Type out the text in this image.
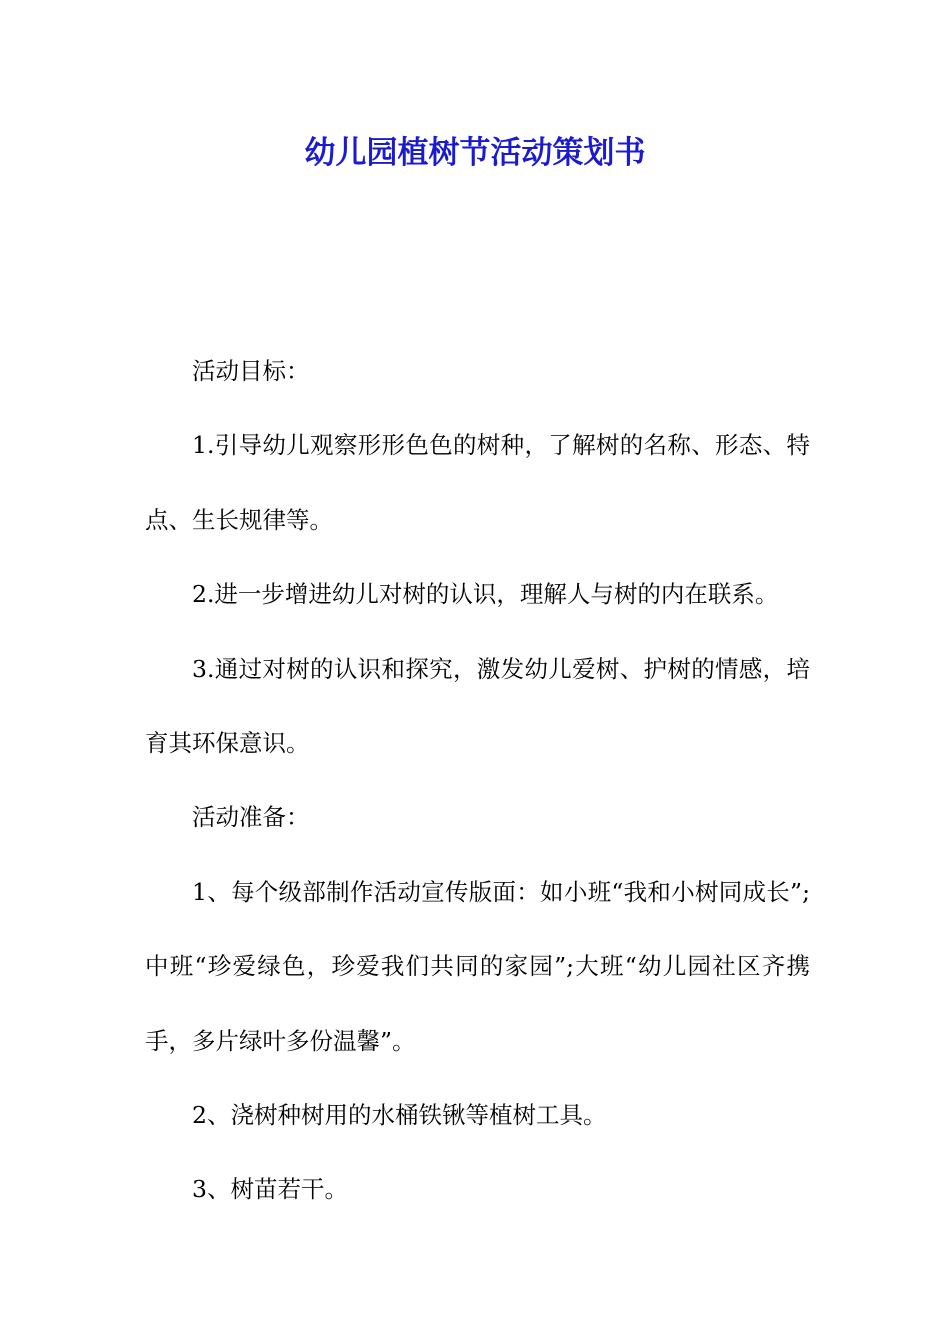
幼儿园植树节活动策划书

活动目标：

1.引导幼儿观察形形色色的树种，了解树的名称、形态、特点、生长规律等。

2.进一步增进幼儿对树的认识，理解人与树的内在联系。

3.通过对树的认识和探究，激发幼儿爱树、护树的情感，培育其环保意识。

活动准备：

1、每个级部制作活动宣传版面：如小班“我和小树同成长”;中班“珍爱绿色，珍爱我们共同的家园”;大班“幼儿园社区齐携手，多片绿叶多份温馨”。

2、浇树种树用的水桶铁锹等植树工具。

3、树苗若干。
